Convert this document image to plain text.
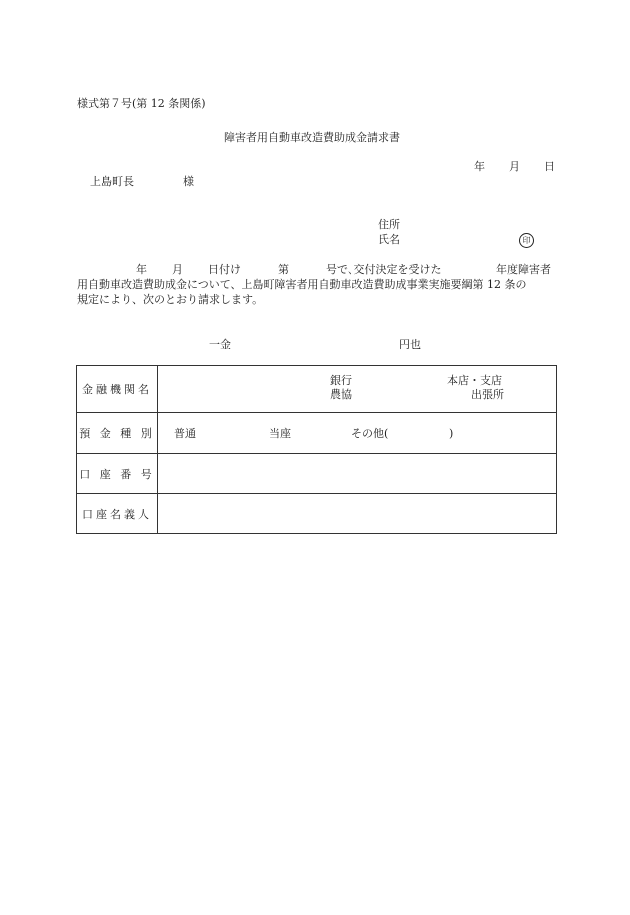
様式第７号(第 12 条関係)
障害者用自動車改造費助成金請求書
年 月 日
上島町長	様
住所
氏名	印
年 月 日付け	第	号で､交付決定を受けた	年度障害者
用自動車改造費助成金について、上島町障害者用自動車改造費助成事業実施要綱第 12 条の
規定により、次のとおり請求します。
一金	円也
金融機関名	銀行
農協
本店・支店
出張所

預 金 種 別	普通 当座 その他( )

口 座 番 号	
口座名義人	
